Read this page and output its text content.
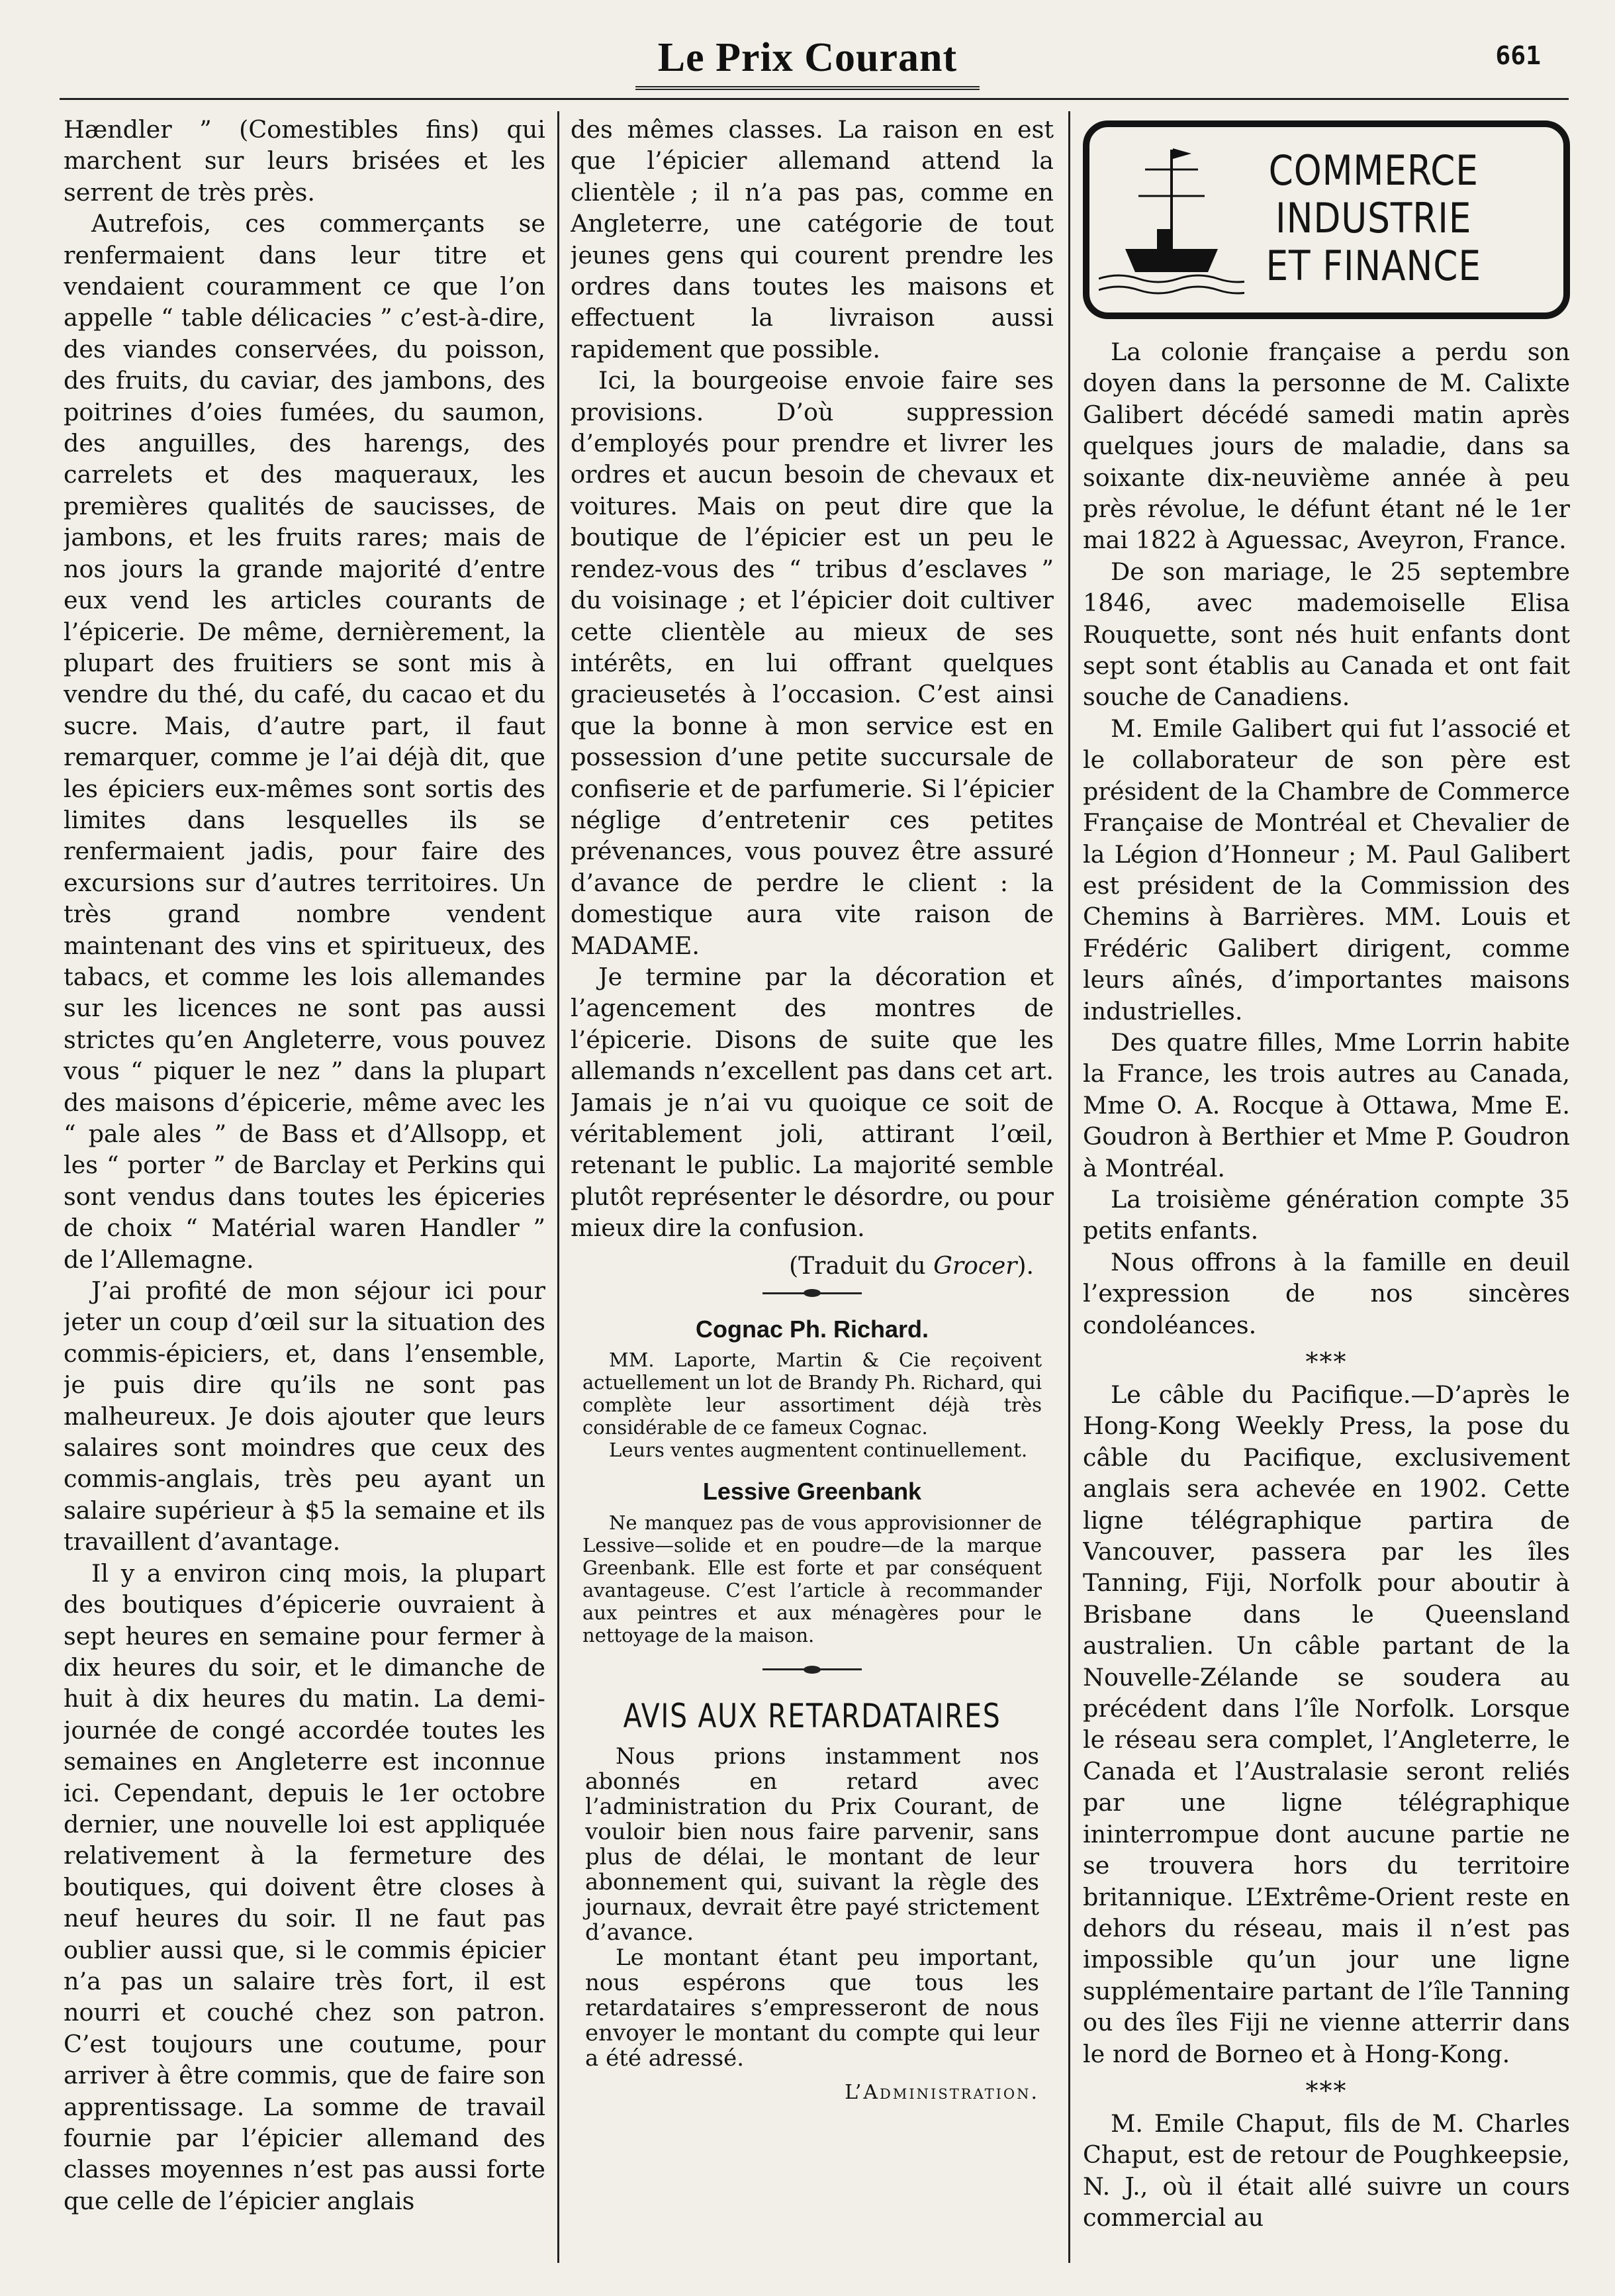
Le Prix Courant	661

Hændler ” (Comestibles fins) qui marchent sur leurs brisées et les serrent de très près.

Autrefois, ces commerçants se renfermaient dans leur titre et vendaient couramment ce que l’on appelle “ table délicacies ” c’est-à-dire, des viandes conservées, du poisson, des fruits, du caviar, des jambons, des poitrines d’oies fumées, du saumon, des anguilles, des harengs, des carrelets et des maqueraux, les premières qualités de saucisses, de jambons, et les fruits rares; mais de nos jours la grande majorité d’entre eux vend les articles courants de l’épicerie. De même, dernièrement, la plupart des fruitiers se sont mis à vendre du thé, du café, du cacao et du sucre. Mais, d’autre part, il faut remarquer, comme je l’ai déjà dit, que les épiciers eux-mêmes sont sortis des limites dans lesquelles ils se renfermaient jadis, pour faire des excursions sur d’autres territoires. Un très grand nombre vendent maintenant des vins et spiritueux, des tabacs, et comme les lois allemandes sur les licences ne sont pas aussi strictes qu’en Angleterre, vous pouvez vous “ piquer le nez ” dans la plupart des maisons d’épicerie, même avec les “ pale ales ” de Bass et d’Allsopp, et les “ porter ” de Barclay et Perkins qui sont vendus dans toutes les épiceries de choix “ Matérial waren Handler ” de l’Allemagne.

J’ai profité de mon séjour ici pour jeter un coup d’œil sur la situation des commis-épiciers, et, dans l’ensemble, je puis dire qu’ils ne sont pas malheureux. Je dois ajouter que leurs salaires sont moindres que ceux des commis-anglais, très peu ayant un salaire supérieur à $5 la semaine et ils travaillent d’avantage.

Il y a environ cinq mois, la plupart des boutiques d’épicerie ouvraient à sept heures en semaine pour fermer à dix heures du soir, et le dimanche de huit à dix heures du matin. La demi-journée de congé accordée toutes les semaines en Angleterre est inconnue ici. Cependant, depuis le 1er octobre dernier, une nouvelle loi est appliquée relativement à la fermeture des boutiques, qui doivent être closes à neuf heures du soir. Il ne faut pas oublier aussi que, si le commis épicier n’a pas un salaire très fort, il est nourri et couché chez son patron. C’est toujours une coutume, pour arriver à être commis, que de faire son apprentissage. La somme de travail fournie par l’épicier allemand des classes moyennes n’est pas aussi forte que celle de l’épicier anglais

des mêmes classes. La raison en est que l’épicier allemand attend la clientèle ; il n’a pas pas, comme en Angleterre, une catégorie de tout jeunes gens qui courent prendre les ordres dans toutes les maisons et effectuent la livraison aussi rapidement que possible.

Ici, la bourgeoise envoie faire ses provisions. D’où suppression d’employés pour prendre et livrer les ordres et aucun besoin de chevaux et voitures. Mais on peut dire que la boutique de l’épicier est un peu le rendez-vous des “ tribus d’esclaves ” du voisinage ; et l’épicier doit cultiver cette clientèle au mieux de ses intérêts, en lui offrant quelques gracieusetés à l’occasion. C’est ainsi que la bonne à mon service est en possession d’une petite succursale de confiserie et de parfumerie. Si l’épicier néglige d’entretenir ces petites prévenances, vous pouvez être assuré d’avance de perdre le client : la domestique aura vite raison de MADAME.

Je termine par la décoration et l’agencement des montres de l’épicerie. Disons de suite que les allemands n’excellent pas dans cet art. Jamais je n’ai vu quoique ce soit de véritablement joli, attirant l’œil, retenant le public. La majorité semble plutôt représenter le désordre, ou pour mieux dire la confusion.

(Traduit du Grocer).
Cognac Ph. Richard.

MM. Laporte, Martin & Cie reçoivent actuellement un lot de Brandy Ph. Richard, qui complète leur assortiment déjà très considérable de ce fameux Cognac.

Leurs ventes augmentent continuellement.

Lessive Greenbank

Ne manquez pas de vous approvisionner de Lessive—solide et en poudre—de la marque Greenbank. Elle est forte et par conséquent avantageuse. C’est l’article à recommander aux peintres et aux ménagères pour le nettoyage de la maison.

AVIS AUX RETARDATAIRES

Nous prions instamment nos abonnés en retard avec l’administration du Prix Courant, de vouloir bien nous faire parvenir, sans plus de délai, le montant de leur abonnement qui, suivant la règle des journaux, devrait être payé strictement d’avance.

Le montant étant peu important, nous espérons que tous les retardataires s’empresseront de nous envoyer le montant du compte qui leur a été adressé.

L’Administration.
COMMERCE
INDUSTRIE
ET FINANCE

La colonie française a perdu son doyen dans la personne de M. Calixte Galibert décédé samedi matin après quelques jours de maladie, dans sa soixante dix-neuvième année à peu près révolue, le défunt étant né le 1er mai 1822 à Aguessac, Aveyron, France.

De son mariage, le 25 septembre 1846, avec mademoiselle Elisa Rouquette, sont nés huit enfants dont sept sont établis au Canada et ont fait souche de Canadiens.

M. Emile Galibert qui fut l’associé et le collaborateur de son père est président de la Chambre de Commerce Française de Montréal et Chevalier de la Légion d’Honneur ; M. Paul Galibert est président de la Commission des Chemins à Barrières. MM. Louis et Frédéric Galibert dirigent, comme leurs aînés, d’importantes maisons industrielles.

Des quatre filles, Mme Lorrin habite la France, les trois autres au Canada, Mme O. A. Rocque à Ottawa, Mme E. Goudron à Berthier et Mme P. Goudron à Montréal.

La troisième génération compte 35 petits enfants.

Nous offrons à la famille en deuil l’expression de nos sincères condoléances.

***

Le câble du Pacifique.—D’après le Hong-Kong Weekly Press, la pose du câble du Pacifique, exclusivement anglais sera achevée en 1902. Cette ligne télégraphique partira de Vancouver, passera par les îles Tanning, Fiji, Norfolk pour aboutir à Brisbane dans le Queensland australien. Un câble partant de la Nouvelle-Zélande se soudera au précédent dans l’île Norfolk. Lorsque le réseau sera complet, l’Angleterre, le Canada et l’Australasie seront reliés par une ligne télégraphique ininterrompue dont aucune partie ne se trouvera hors du territoire britannique. L’Extrême-Orient reste en dehors du réseau, mais il n’est pas impossible qu’un jour une ligne supplémentaire partant de l’île Tanning ou des îles Fiji ne vienne atterrir dans le nord de Borneo et à Hong-Kong.

***

M. Emile Chaput, fils de M. Charles Chaput, est de retour de Poughkeepsie, N. J., où il était allé suivre un cours commercial au
